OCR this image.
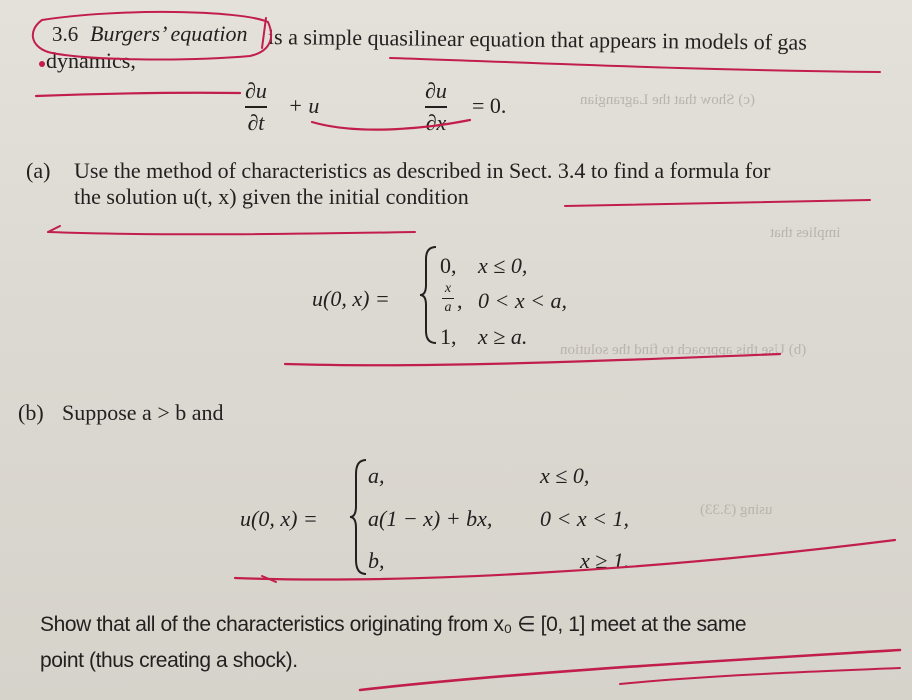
(c) Show that the Lagrangian
(b) Use this approach to find the solution
using (3.33)
implies that
3.6 Burgers’ equation is a simple quasilinear equation that appears in models of gas
dynamics,
∂u
∂t
+ u
∂u
∂x
= 0.
(a) Use the method of characteristics as described in Sect. 3.4 to find a formula for
the solution u(t, x) given the initial condition
u(0, x) =
0, x ≤ 0,
x
a , 0 < x < a,
1, x ≥ a.
(b) Suppose a > b and
u(0, x) =
a,	x ≤ 0,
a(1 − x) + bx, 0 < x < 1,
b,	x ≥ 1.
Show that all of the characteristics originating from x₀ ∈ [0, 1] meet at the same
point (thus creating a shock).
